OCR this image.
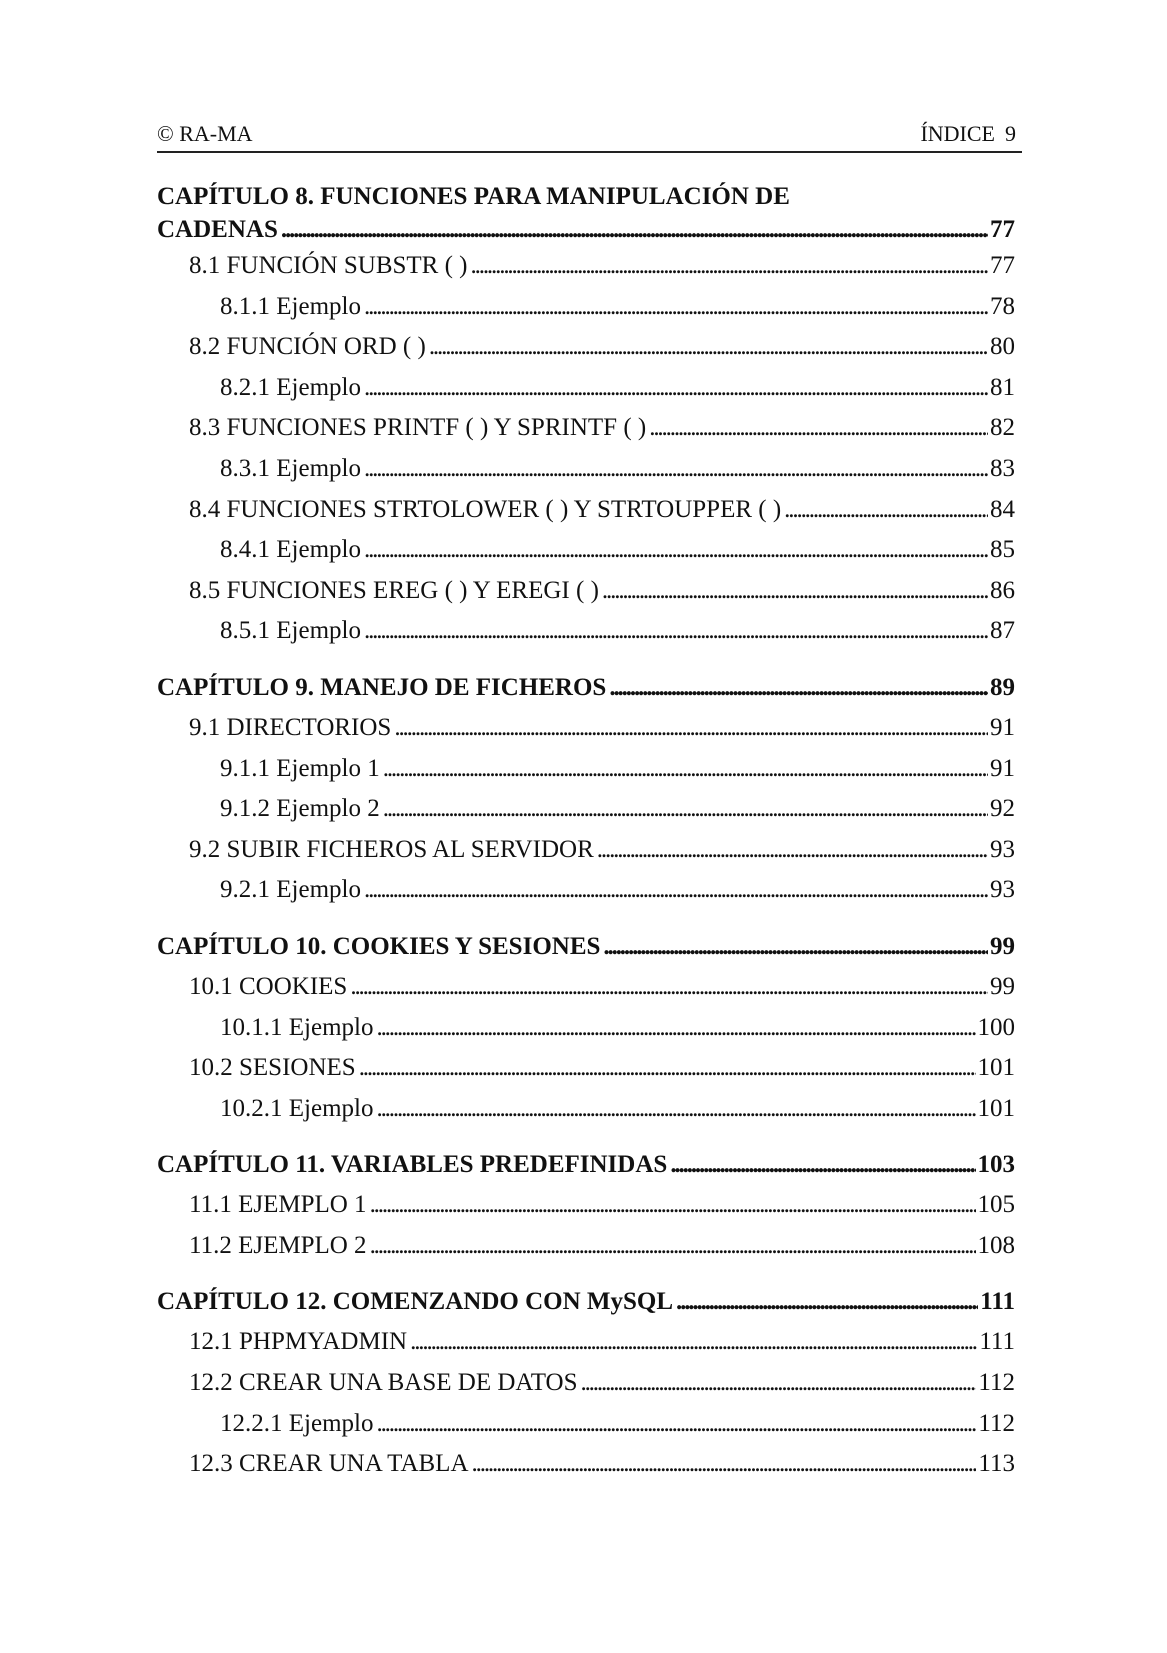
© RA-MA	ÍNDICE 9
CAPÍTULO 8. FUNCIONES PARA MANIPULACIÓN DE
CADENAS . . .	77
8.1 FUNCIÓN SUBSTR ( ) . . .	77
8.1.1 Ejemplo . . .	78
8.2 FUNCIÓN ORD ( ) . . .	80
8.2.1 Ejemplo . . .	81
8.3 FUNCIONES PRINTF ( ) Y SPRINTF ( ) . . .	82
8.3.1 Ejemplo . . .	83
8.4 FUNCIONES STRTOLOWER ( ) Y STRTOUPPER ( ) . . .	84
8.4.1 Ejemplo . . .	85
8.5 FUNCIONES EREG ( ) Y EREGI ( ) . . .	86
8.5.1 Ejemplo . . .	87
CAPÍTULO 9. MANEJO DE FICHEROS . . .	89
9.1 DIRECTORIOS . . .	91
9.1.1 Ejemplo 1 . . .	91
9.1.2 Ejemplo 2 . . .	92
9.2 SUBIR FICHEROS AL SERVIDOR . . .	93
9.2.1 Ejemplo . . .	93
CAPÍTULO 10. COOKIES Y SESIONES . . .	99
10.1 COOKIES . . .	99
10.1.1 Ejemplo . . .	100
10.2 SESIONES . . .	101
10.2.1 Ejemplo . . .	101
CAPÍTULO 11. VARIABLES PREDEFINIDAS . . .	103
11.1 EJEMPLO 1 . . .	105
11.2 EJEMPLO 2 . . .	108
CAPÍTULO 12. COMENZANDO CON MySQL . . .	111
12.1 PHPMYADMIN . . .	111
12.2 CREAR UNA BASE DE DATOS . . .	112
12.2.1 Ejemplo . . .	112
12.3 CREAR UNA TABLA . . .	113
